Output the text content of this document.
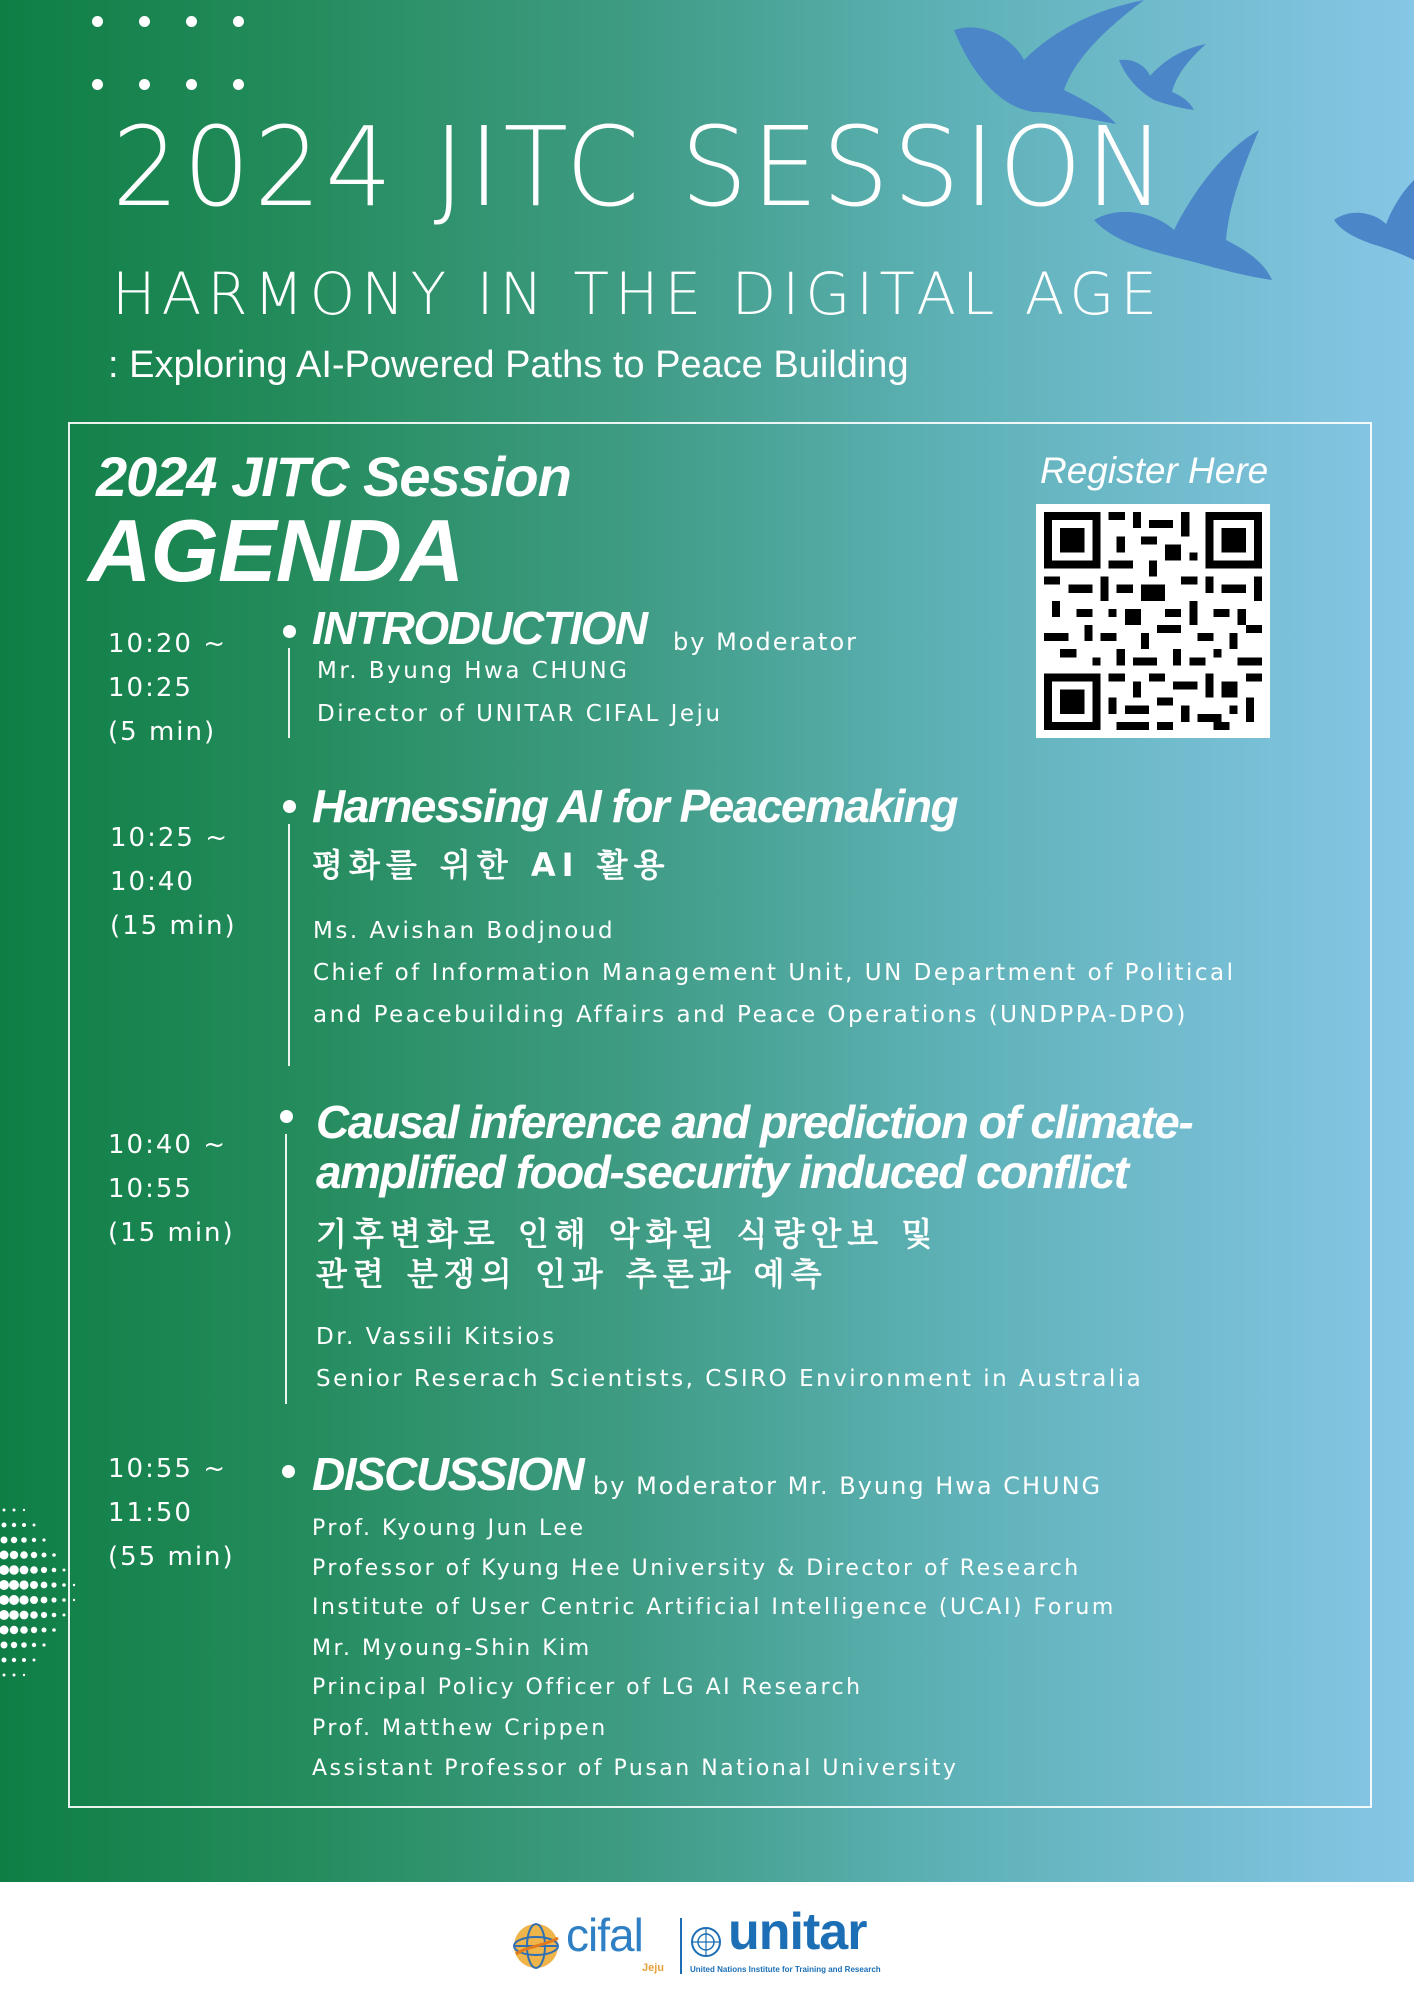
2024 JITC SESSION
HARMONY IN THE DIGITAL AGE
: Exploring AI-Powered Paths to Peace Building
2024 JITC Session
AGENDA
Register Here
10:20 ~
10:25
(5 min)
INTRODUCTION by Moderator
Mr. Byung Hwa CHUNG
Director of UNITAR CIFAL Jeju
10:25 ~
10:40
(15 min)
Harnessing AI for Peacemaking
평화를 위한 AI 활용
Ms. Avishan Bodjnoud
Chief of Information Management Unit, UN Department of Political
and Peacebuilding Affairs and Peace Operations (UNDPPA-DPO)
10:40 ~
10:55
(15 min)
Causal inference and prediction of climate-
amplified food-security induced conflict
기후변화로 인해 악화된 식량안보 및
관련 분쟁의 인과 추론과 예측
Dr. Vassili Kitsios
Senior Reserach Scientists, CSIRO Environment in Australia
10:55 ~
11:50
(55 min)
DISCUSSION by Moderator Mr. Byung Hwa CHUNG
Prof. Kyoung Jun Lee
Professor of Kyung Hee University & Director of Research
Institute of User Centric Artificial Intelligence (UCAI) Forum
Mr. Myoung-Shin Kim
Principal Policy Officer of LG AI Research
Prof. Matthew Crippen
Assistant Professor of Pusan National University
cifal
Jeju
unitar
United Nations Institute for Training and Research
